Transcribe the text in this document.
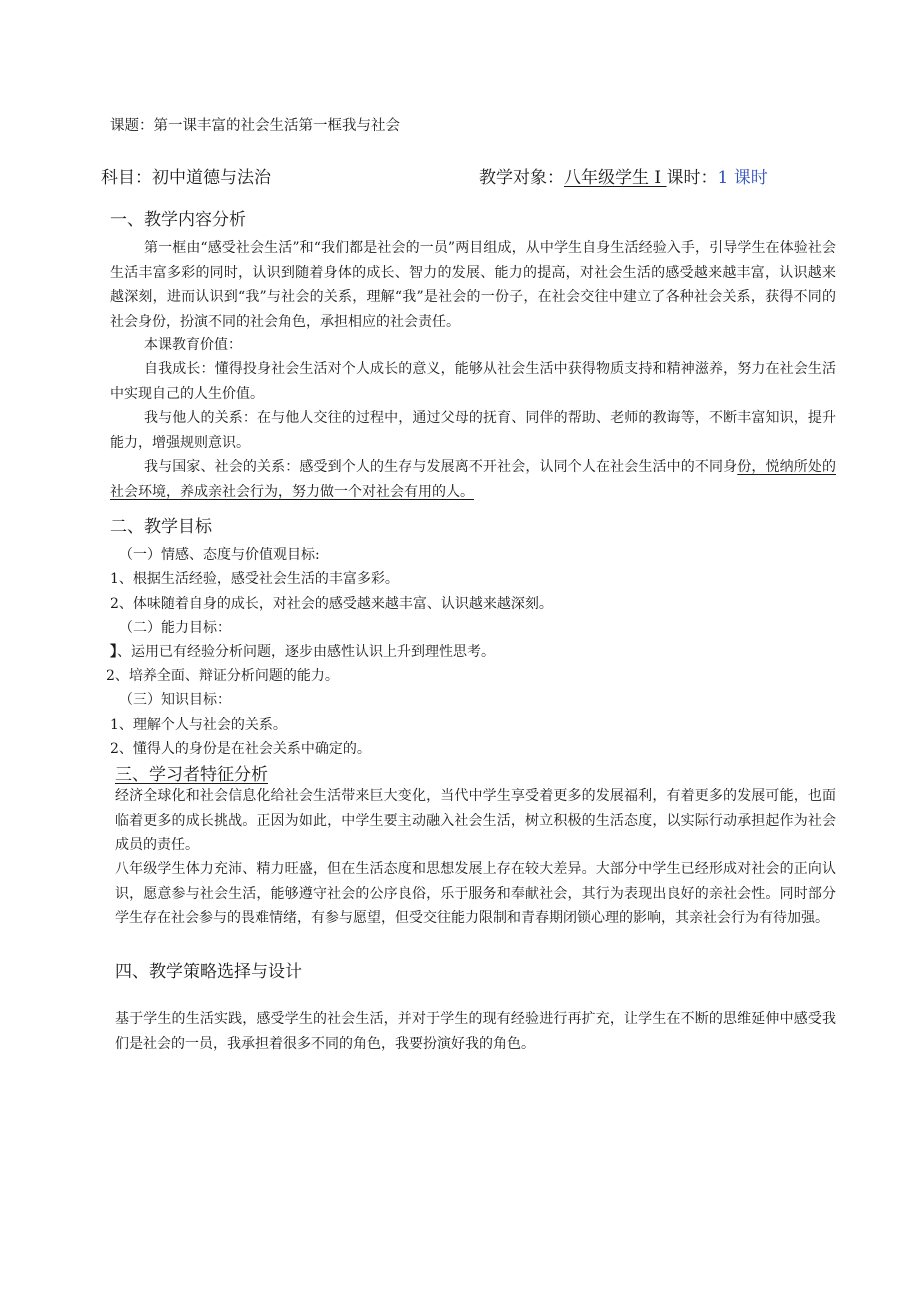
课题：第一课丰富的社会生活第一框我与社会
科目：初中道德与法治	教学对象：八年级学生 I 课时：1 课时
一、教学内容分析
第一框由“感受社会生活”和“我们都是社会的一员”两目组成，从中学生自身生活经验入手，引导学生在体验社会生活丰富多彩的同时，认识到随着身体的成长、智力的发展、能力的提高，对社会生活的感受越来越丰富，认识越来越深刻，进而认识到“我”与社会的关系，理解“我”是社会的一份子，在社会交往中建立了各种社会关系，获得不同的社会身份，扮演不同的社会角色，承担相应的社会责任。
本课教育价值：
自我成长：懂得投身社会生活对个人成长的意义，能够从社会生活中获得物质支持和精神滋养，努力在社会生活中实现自己的人生价值。
我与他人的关系：在与他人交往的过程中，通过父母的抚育、同伴的帮助、老师的教诲等，不断丰富知识，提升能力，增强规则意识。
我与国家、社会的关系：感受到个人的生存与发展离不开社会，认同个人在社会生活中的不同身份，悦纳所处的社会环境，养成亲社会行为，努力做一个对社会有用的人。
二、教学目标
（一）情感、态度与价值观目标:
1、根据生活经验，感受社会生活的丰富多彩。
2、体味随着自身的成长，对社会的感受越来越丰富、认识越来越深刻。
（二）能力目标：
】、运用已有经验分析问题，逐步由感性认识上升到理性思考。
2、培养全面、辩证分析问题的能力。
（三）知识目标：
1、理解个人与社会的关系。
2、懂得人的身份是在社会关系中确定的。
三、学习者特征分析
经济全球化和社会信息化给社会生活带来巨大变化，当代中学生享受着更多的发展福利，有着更多的发展可能，也面临着更多的成长挑战。正因为如此，中学生要主动融入社会生活，树立积极的生活态度，以实际行动承担起作为社会成员的责任。
八年级学生体力充沛、精力旺盛，但在生活态度和思想发展上存在较大差异。大部分中学生已经形成对社会的正向认识，愿意参与社会生活，能够遵守社会的公序良俗，乐于服务和奉献社会，其行为表现出良好的亲社会性。同时部分学生存在社会参与的畏难情绪，有参与愿望，但受交往能力限制和青春期闭锁心理的影响，其亲社会行为有待加强。
四、教学策略选择与设计
基于学生的生活实践，感受学生的社会生活，并对于学生的现有经验进行再扩充，让学生在不断的思维延伸中感受我们是社会的一员，我承担着很多不同的角色，我要扮演好我的角色。
